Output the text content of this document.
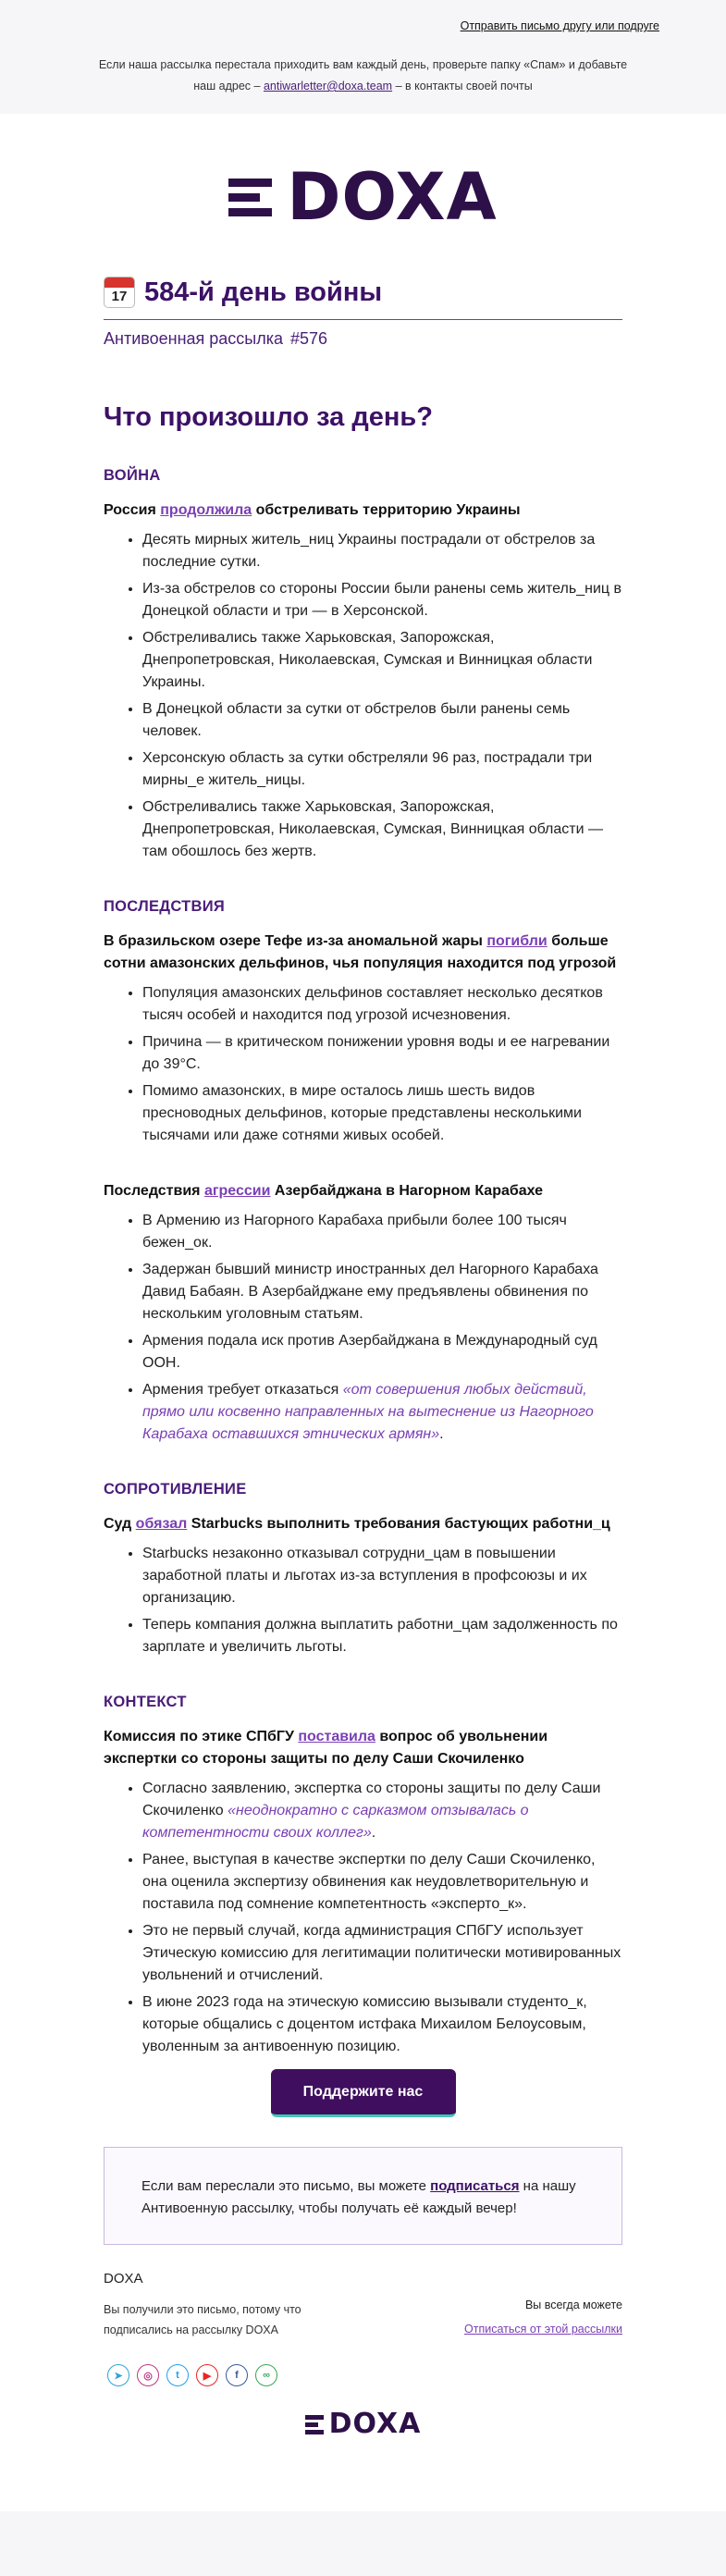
Отправить письмо другу или подруге
Если наша рассылка перестала приходить вам каждый день, проверьте папку «Спам» и добавьте наш адрес – antiwarletter@doxa.team – в контакты своей почты
DOXA
17 584-й день войны
Антивоенная рассылка #576
Что произошло за день?
ВОЙНА
Россия продолжила обстреливать территорию Украины
• Десять мирных житель_ниц Украины пострадали от обстрелов за последние сутки.
• Из-за обстрелов со стороны России были ранены семь житель_ниц в Донецкой области и три — в Херсонской.
• Обстреливались также Харьковская, Запорожская, Днепропетровская, Николаевская, Сумская и Винницкая области Украины.
• В Донецкой области за сутки от обстрелов были ранены семь человек.
• Херсонскую область за сутки обстреляли 96 раз, пострадали три мирны_е житель_ницы.
• Обстреливались также Харьковская, Запорожская, Днепропетровская, Николаевская, Сумская, Винницкая области — там обошлось без жертв.
ПОСЛЕДСТВИЯ
В бразильском озере Тефе из-за аномальной жары погибли больше сотни амазонских дельфинов, чья популяция находится под угрозой
• Популяция амазонских дельфинов составляет несколько десятков тысяч особей и находится под угрозой исчезновения.
• Причина — в критическом понижении уровня воды и ее нагревании до 39°C.
• Помимо амазонских, в мире осталось лишь шесть видов пресноводных дельфинов, которые представлены несколькими тысячами или даже сотнями живых особей.
Последствия агрессии Азербайджана в Нагорном Карабахе
• В Армению из Нагорного Карабаха прибыли более 100 тысяч бежен_ок.
• Задержан бывший министр иностранных дел Нагорного Карабаха Давид Бабаян. В Азербайджане ему предъявлены обвинения по нескольким уголовным статьям.
• Армения подала иск против Азербайджана в Международный суд ООН.
• Армения требует отказаться «от совершения любых действий, прямо или косвенно направленных на вытеснение из Нагорного Карабаха оставшихся этнических армян».
СОПРОТИВЛЕНИЕ
Суд обязал Starbucks выполнить требования бастующих работни_ц
• Starbucks незаконно отказывал сотрудни_цам в повышении заработной платы и льготах из-за вступления в профсоюзы и их организацию.
• Теперь компания должна выплатить работни_цам задолженность по зарплате и увеличить льготы.
КОНТЕКСТ
Комиссия по этике СПбГУ поставила вопрос об увольнении экспертки со стороны защиты по делу Саши Скочиленко
• Согласно заявлению, экспертка со стороны защиты по делу Саши Скочиленко «неоднократно с сарказмом отзывалась о компетентности своих коллег».
• Ранее, выступая в качестве экспертки по делу Саши Скочиленко, она оценила экспертизу обвинения как неудовлетворительную и поставила под сомнение компетентность «эксперто_к».
• Это не первый случай, когда администрация СПбГУ использует Этическую комиссию для легитимации политически мотивированных увольнений и отчислений.
• В июне 2023 года на этическую комиссию вызывали студенто_к, которые общались с доцентом истфака Михаилом Белоусовым, уволенным за антивоенную позицию.
Поддержите нас
Если вам переслали это письмо, вы можете подписаться на нашу Антивоенную рассылку, чтобы получать её каждый вечер!
DOXA
Вы получили это письмо, потому что подписались на рассылку DOXA
Вы всегда можете
Отписаться от этой рассылки
➤	◎	t	▶	f	∞
DOXA
